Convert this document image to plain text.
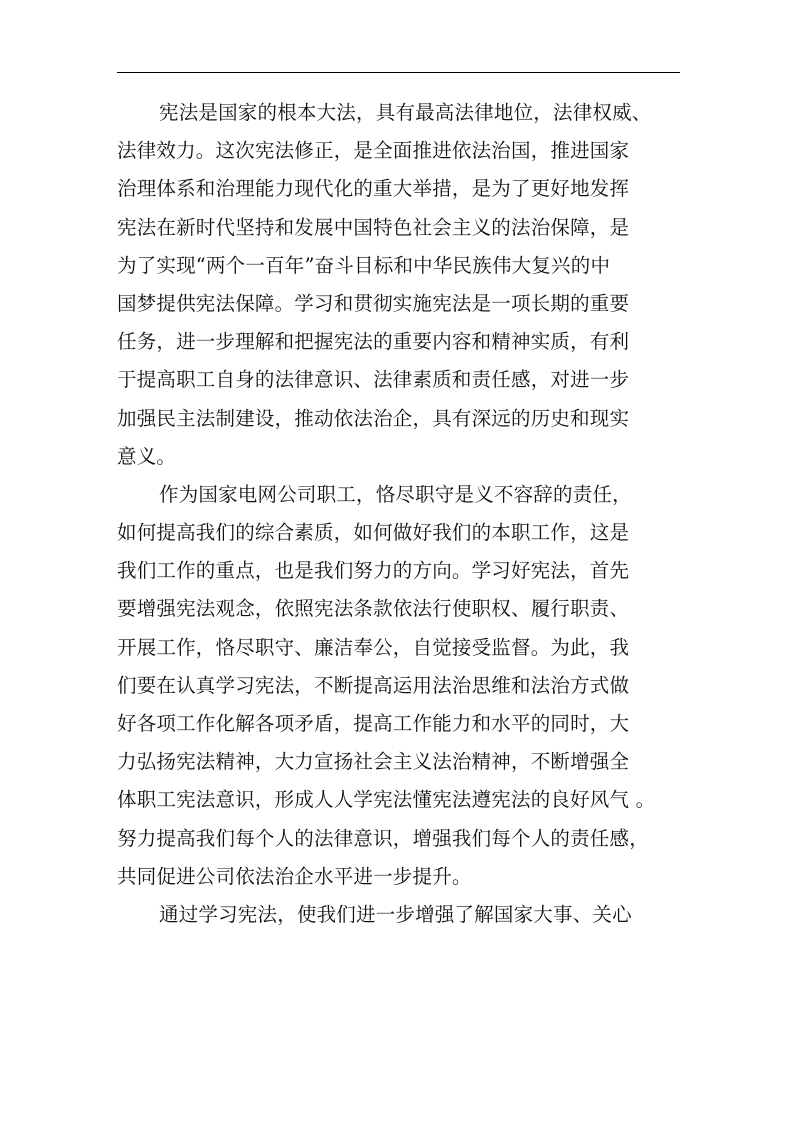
宪法是国家的根本大法，具有最高法律地位，法律权威、
法律效力。这次宪法修正，是全面推进依法治国，推进国家
治理体系和治理能力现代化的重大举措，是为了更好地发挥
宪法在新时代坚持和发展中国特色社会主义的法治保障，是
为了实现“两个一百年”奋斗目标和中华民族伟大复兴的中
国梦提供宪法保障。学习和贯彻实施宪法是一项长期的重要
任务，进一步理解和把握宪法的重要内容和精神实质，有利
于提高职工自身的法律意识、法律素质和责任感，对进一步
加强民主法制建设，推动依法治企，具有深远的历史和现实
意义。
作为国家电网公司职工，恪尽职守是义不容辞的责任，
如何提高我们的综合素质，如何做好我们的本职工作，这是
我们工作的重点，也是我们努力的方向。学习好宪法，首先
要增强宪法观念，依照宪法条款依法行使职权、履行职责、
开展工作，恪尽职守、廉洁奉公，自觉接受监督。为此，我
们要在认真学习宪法，不断提高运用法治思维和法治方式做
好各项工作化解各项矛盾，提高工作能力和水平的同时，大
力弘扬宪法精神，大力宣扬社会主义法治精神，不断增强全
体职工宪法意识，形成人人学宪法懂宪法遵宪法的良好风气 。
努力提高我们每个人的法律意识，增强我们每个人的责任感，
共同促进公司依法治企水平进一步提升。
通过学习宪法，使我们进一步增强了解国家大事、关心
